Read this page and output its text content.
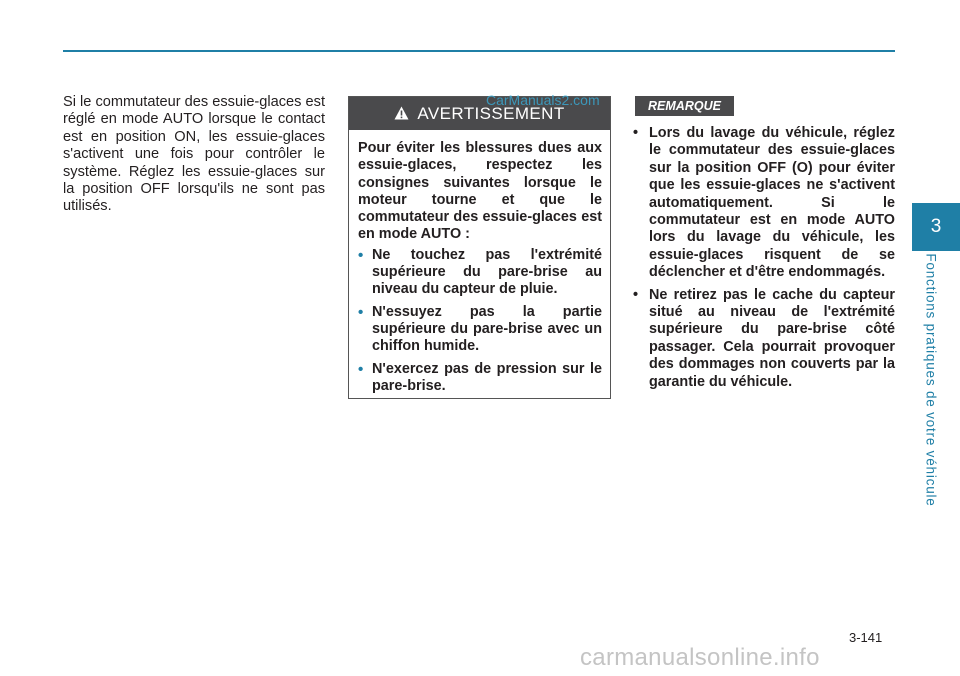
Si le commutateur des essuie-glaces est réglé en mode AUTO lorsque le contact est en position ON, les essuie-glaces s'activent une fois pour contrôler le système. Réglez les essuie-glaces sur la position OFF lorsqu'ils ne sont pas utilisés.
AVERTISSEMENT
Pour éviter les blessures dues aux essuie-glaces, respectez les consignes suivantes lorsque le moteur tourne et que le commutateur des essuie-glaces est en mode AUTO :
• Ne touchez pas l'extrémité supérieure du pare-brise au niveau du capteur de pluie.
• N'essuyez pas la partie supérieure du pare-brise avec un chiffon humide.
• N'exercez pas de pression sur le pare-brise.
CarManuals2.com	REMARQUE
• Lors du lavage du véhicule, réglez le commutateur des essuie-glaces sur la position OFF (O) pour éviter que les essuie-glaces ne s'activent automatiquement. Si le commutateur est en mode AUTO lors du lavage du véhicule, les essuie-glaces risquent de se déclencher et d'être endommagés.
• Ne retirez pas le cache du capteur situé au niveau de l'extrémité supérieure du pare-brise côté passager. Cela pourrait provoquer des dommages non couverts par la garantie du véhicule.
3
Fonctions pratiques de votre véhicule
3-141
carmanualsonline.info
